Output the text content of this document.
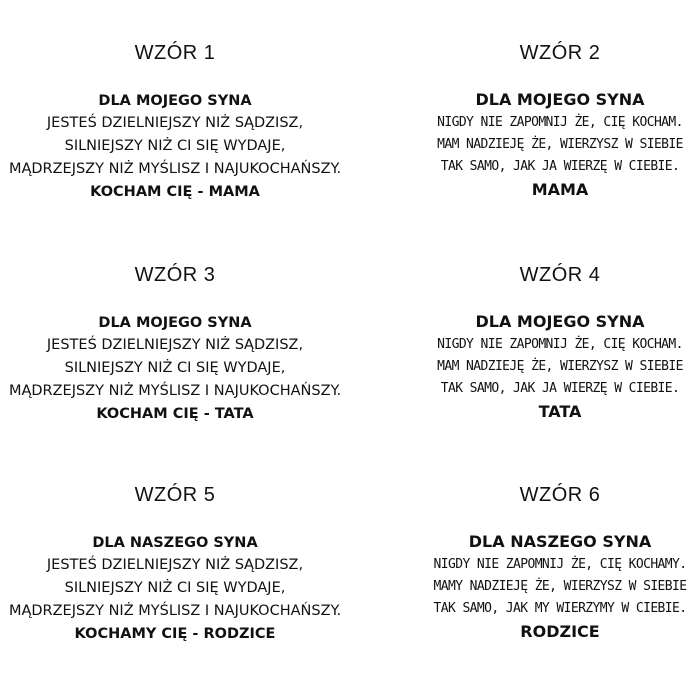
WZÓR 1
DLA MOJEGO SYNA
JESTEŚ DZIELNIEJSZY NIŻ SĄDZISZ,
SILNIEJSZY NIŻ CI SIĘ WYDAJE,
MĄDRZEJSZY NIŻ MYŚLISZ I NAJUKOCHAŃSZY.
KOCHAM CIĘ - MAMA
WZÓR 2
DLA MOJEGO SYNA
NIGDY NIE ZAPOMNIJ ŻE, CIĘ KOCHAM.
MAM NADZIEJĘ ŻE, WIERZYSZ W SIEBIE
TAK SAMO, JAK JA WIERZĘ W CIEBIE.
MAMA
WZÓR 3
DLA MOJEGO SYNA
JESTEŚ DZIELNIEJSZY NIŻ SĄDZISZ,
SILNIEJSZY NIŻ CI SIĘ WYDAJE,
MĄDRZEJSZY NIŻ MYŚLISZ I NAJUKOCHAŃSZY.
KOCHAM CIĘ - TATA
WZÓR 4
DLA MOJEGO SYNA
NIGDY NIE ZAPOMNIJ ŻE, CIĘ KOCHAM.
MAM NADZIEJĘ ŻE, WIERZYSZ W SIEBIE
TAK SAMO, JAK JA WIERZĘ W CIEBIE.
TATA
WZÓR 5
DLA NASZEGO SYNA
JESTEŚ DZIELNIEJSZY NIŻ SĄDZISZ,
SILNIEJSZY NIŻ CI SIĘ WYDAJE,
MĄDRZEJSZY NIŻ MYŚLISZ I NAJUKOCHAŃSZY.
KOCHAMY CIĘ - RODZICE
WZÓR 6
DLA NASZEGO SYNA
NIGDY NIE ZAPOMNIJ ŻE, CIĘ KOCHAMY.
MAMY NADZIEJĘ ŻE, WIERZYSZ W SIEBIE
TAK SAMO, JAK MY WIERZYMY W CIEBIE.
RODZICE
